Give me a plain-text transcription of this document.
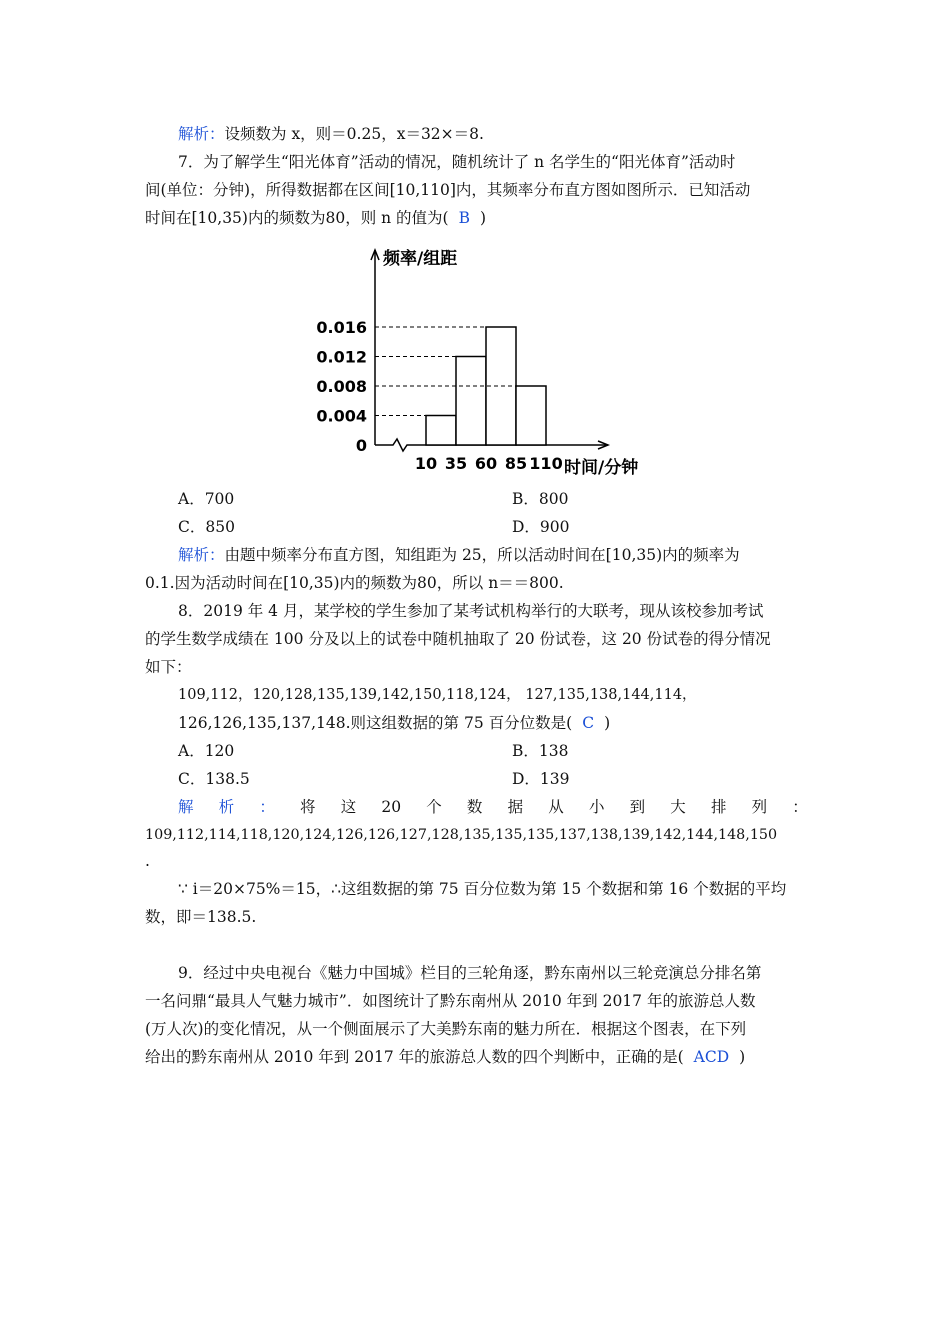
解析：设频数为 x，则＝0.25，x＝32×＝8.
7．为了解学生“阳光体育”活动的情况，随机统计了 n 名学生的“阳光体育”活动时
间(单位：分钟)，所得数据都在区间[10,110]内，其频率分布直方图如图所示．已知活动
时间在[10,35)内的频数为80，则 n 的值为( B )
频率/组距
时间/分钟
0
0.004
0.008
0.012
0.016
10 35 60 85 110
A．700	B．800
C．850	D．900
解析：由题中频率分布直方图，知组距为 25，所以活动时间在[10,35)内的频率为
0.1.因为活动时间在[10,35)内的频数为80，所以 n＝＝800.
8．2019 年 4 月，某学校的学生参加了某考试机构举行的大联考，现从该校参加考试
的学生数学成绩在 100 分及以上的试卷中随机抽取了 20 份试卷，这 20 份试卷的得分情况
如下：
109,112，120,128,135,139,142,150,118,124， 127,135,138,144,114，
126,126,135,137,148.则这组数据的第 75 百分位数是( C )
A．120	B．138
C．138.5	D．139
解 析 ： 将 这 20 个 数 据 从 小 到 大 排 列 ：
109,112,114,118,120,124,126,126,127,128,135,135,135,137,138,139,142,144,148,150
.
∵ i＝20×75%＝15，∴这组数据的第 75 百分位数为第 15 个数据和第 16 个数据的平均
数，即＝138.5.
9．经过中央电视台《魅力中国城》栏目的三轮角逐，黔东南州以三轮竞演总分排名第
一名问鼎“最具人气魅力城市”．如图统计了黔东南州从 2010 年到 2017 年的旅游总人数
(万人次)的变化情况，从一个侧面展示了大美黔东南的魅力所在．根据这个图表，在下列
给出的黔东南州从 2010 年到 2017 年的旅游总人数的四个判断中，正确的是( ACD )
